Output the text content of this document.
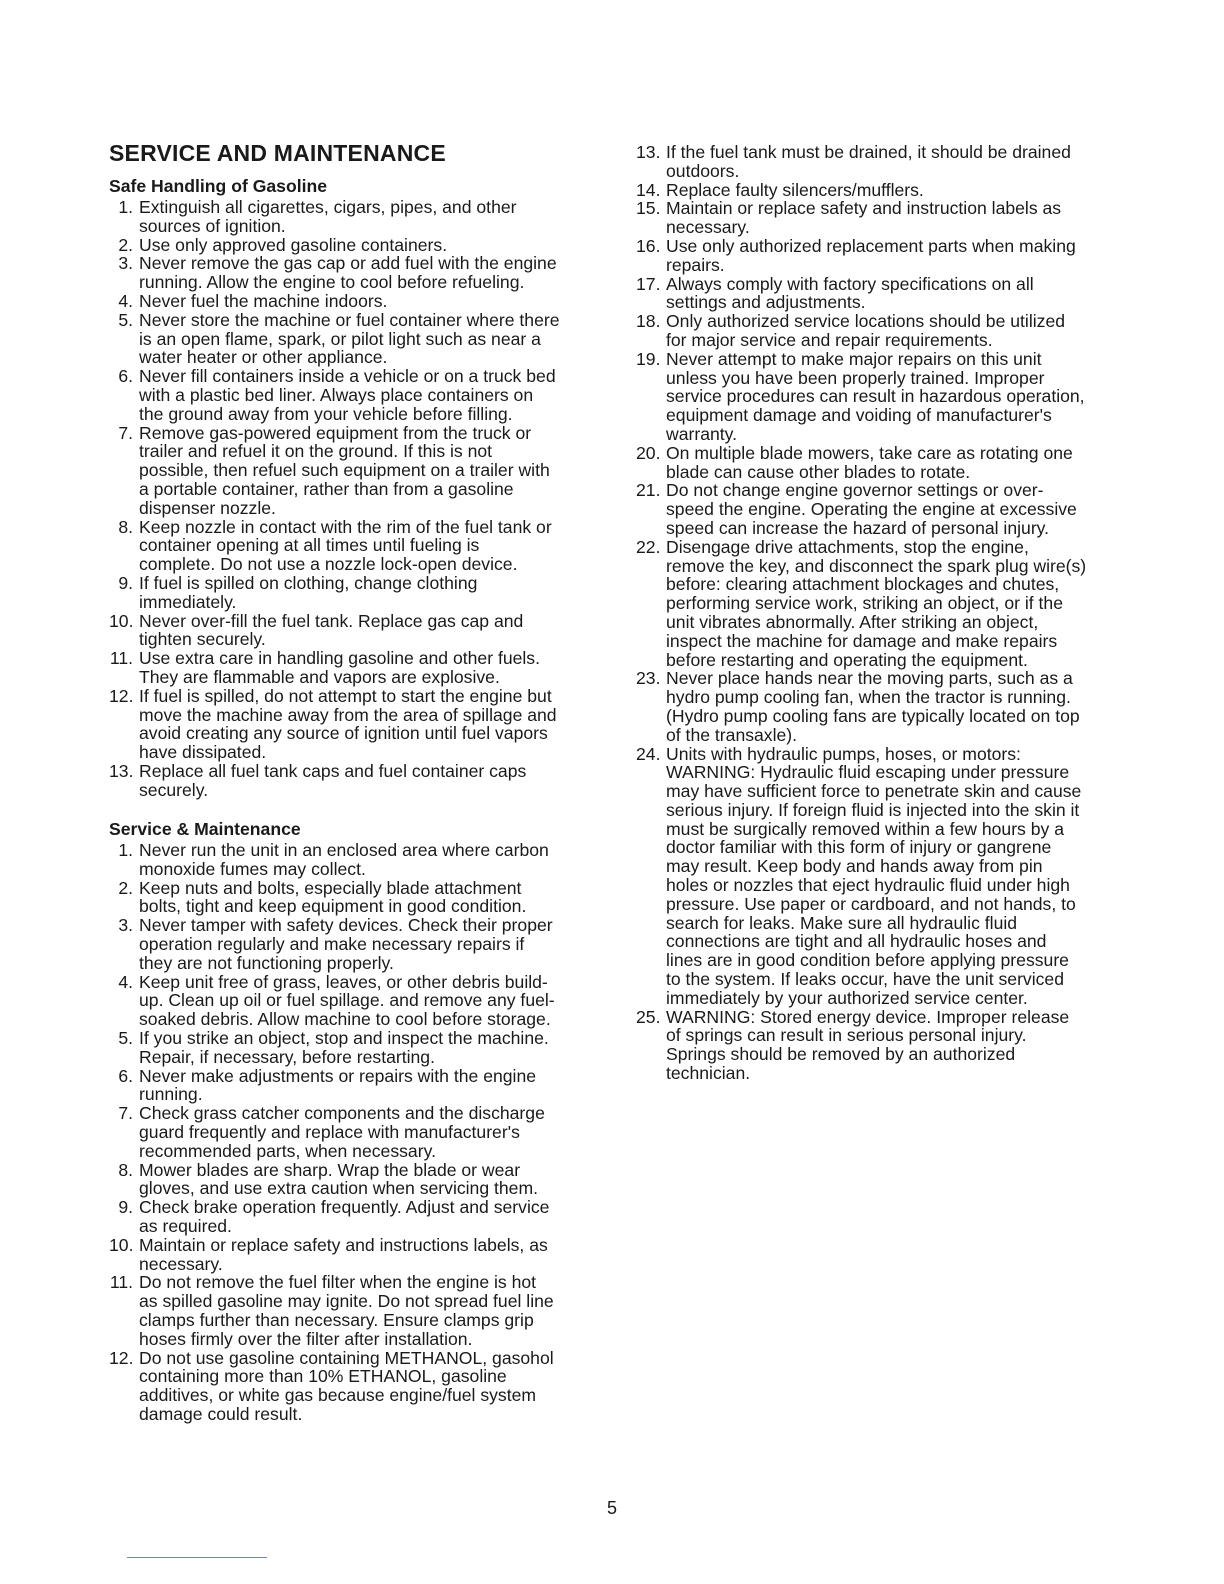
SERVICE AND MAINTENANCE
Safe Handling of Gasoline
1. Extinguish all cigarettes, cigars, pipes, and other
sources of ignition.
2. Use only approved gasoline containers.
3. Never remove the gas cap or add fuel with the engine
running. Allow the engine to cool before refueling.
4. Never fuel the machine indoors.
5. Never store the machine or fuel container where there
is an open flame, spark, or pilot light such as near a
water heater or other appliance.
6. Never fill containers inside a vehicle or on a truck bed
with a plastic bed liner. Always place containers on
the ground away from your vehicle before filling.
7. Remove gas-powered equipment from the truck or
trailer and refuel it on the ground. If this is not
possible, then refuel such equipment on a trailer with
a portable container, rather than from a gasoline
dispenser nozzle.
8. Keep nozzle in contact with the rim of the fuel tank or
container opening at all times until fueling is
complete. Do not use a nozzle lock-open device.
9. If fuel is spilled on clothing, change clothing
immediately.
10. Never over-fill the fuel tank. Replace gas cap and
tighten securely.
11. Use extra care in handling gasoline and other fuels.
They are flammable and vapors are explosive.
12. If fuel is spilled, do not attempt to start the engine but
move the machine away from the area of spillage and
avoid creating any source of ignition until fuel vapors
have dissipated.
13. Replace all fuel tank caps and fuel container caps
securely.
Service & Maintenance
1. Never run the unit in an enclosed area where carbon
monoxide fumes may collect.
2. Keep nuts and bolts, especially blade attachment
bolts, tight and keep equipment in good condition.
3. Never tamper with safety devices. Check their proper
operation regularly and make necessary repairs if
they are not functioning properly.
4. Keep unit free of grass, leaves, or other debris build-
up. Clean up oil or fuel spillage. and remove any fuel-
soaked debris. Allow machine to cool before storage.
5. If you strike an object, stop and inspect the machine.
Repair, if necessary, before restarting.
6. Never make adjustments or repairs with the engine
running.
7. Check grass catcher components and the discharge
guard frequently and replace with manufacturer's
recommended parts, when necessary.
8. Mower blades are sharp. Wrap the blade or wear
gloves, and use extra caution when servicing them.
9. Check brake operation frequently. Adjust and service
as required.
10. Maintain or replace safety and instructions labels, as
necessary.
11. Do not remove the fuel filter when the engine is hot
as spilled gasoline may ignite. Do not spread fuel line
clamps further than necessary. Ensure clamps grip
hoses firmly over the filter after installation.
12. Do not use gasoline containing METHANOL, gasohol
containing more than 10% ETHANOL, gasoline
additives, or white gas because engine/fuel system
damage could result.
13. If the fuel tank must be drained, it should be drained
outdoors.
14. Replace faulty silencers/mufflers.
15. Maintain or replace safety and instruction labels as
necessary.
16. Use only authorized replacement parts when making
repairs.
17. Always comply with factory specifications on all
settings and adjustments.
18. Only authorized service locations should be utilized
for major service and repair requirements.
19. Never attempt to make major repairs on this unit
unless you have been properly trained. Improper
service procedures can result in hazardous operation,
equipment damage and voiding of manufacturer's
warranty.
20. On multiple blade mowers, take care as rotating one
blade can cause other blades to rotate.
21. Do not change engine governor settings or over-
speed the engine. Operating the engine at excessive
speed can increase the hazard of personal injury.
22. Disengage drive attachments, stop the engine,
remove the key, and disconnect the spark plug wire(s)
before: clearing attachment blockages and chutes,
performing service work, striking an object, or if the
unit vibrates abnormally. After striking an object,
inspect the machine for damage and make repairs
before restarting and operating the equipment.
23. Never place hands near the moving parts, such as a
hydro pump cooling fan, when the tractor is running.
(Hydro pump cooling fans are typically located on top
of the transaxle).
24. Units with hydraulic pumps, hoses, or motors:
WARNING: Hydraulic fluid escaping under pressure
may have sufficient force to penetrate skin and cause
serious injury. If foreign fluid is injected into the skin it
must be surgically removed within a few hours by a
doctor familiar with this form of injury or gangrene
may result. Keep body and hands away from pin
holes or nozzles that eject hydraulic fluid under high
pressure. Use paper or cardboard, and not hands, to
search for leaks. Make sure all hydraulic fluid
connections are tight and all hydraulic hoses and
lines are in good condition before applying pressure
to the system. If leaks occur, have the unit serviced
immediately by your authorized service center.
25. WARNING: Stored energy device. Improper release
of springs can result in serious personal injury.
Springs should be removed by an authorized
technician.
5
